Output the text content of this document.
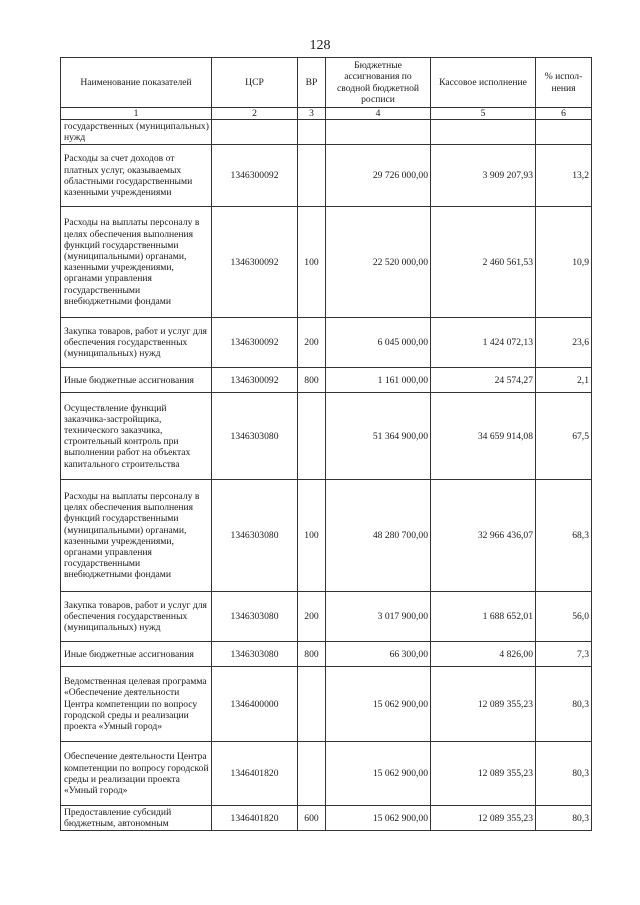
128
Наименование показателей	ЦСР	ВР	Бюджетные ассигнования по сводной бюджетной росписи	Кассовое исполнение	% испол-нения
1	2	3	4	5	6
государственных (муниципальных) нужд					
Расходы за счет доходов от платных услуг, оказываемых областными государственными казенными учреждениями	1346300092		29 726 000,00	3 909 207,93	13,2
Расходы на выплаты персоналу в целях обеспечения выполнения функций государственными (муниципальными) органами, казенными учреждениями, органами управления государственными внебюджетными фондами	1346300092	100	22 520 000,00	2 460 561,53	10,9
Закупка товаров, работ и услуг для обеспечения государственных (муниципальных) нужд	1346300092	200	6 045 000,00	1 424 072,13	23,6
Иные бюджетные ассигнования	1346300092	800	1 161 000,00	24 574,27	2,1
Осуществление функций заказчика-застройщика, технического заказчика, строительный контроль при выполнении работ на объектах капитального строительства	1346303080		51 364 900,00	34 659 914,08	67,5
Расходы на выплаты персоналу в целях обеспечения выполнения функций государственными (муниципальными) органами, казенными учреждениями, органами управления государственными внебюджетными фондами	1346303080	100	48 280 700,00	32 966 436,07	68,3
Закупка товаров, работ и услуг для обеспечения государственных (муниципальных) нужд	1346303080	200	3 017 900,00	1 688 652,01	56,0
Иные бюджетные ассигнования	1346303080	800	66 300,00	4 826,00	7,3
Ведомственная целевая программа «Обеспечение деятельности Центра компетенции по вопросу городской среды и реализации проекта «Умный город»	1346400000		15 062 900,00	12 089 355,23	80,3
Обеспечение деятельности Центра компетенции по вопросу городской среды и реализации проекта «Умный город»	1346401820		15 062 900,00	12 089 355,23	80,3
Предоставление субсидий бюджетным, автономным	1346401820	600	15 062 900,00	12 089 355,23	80,3
